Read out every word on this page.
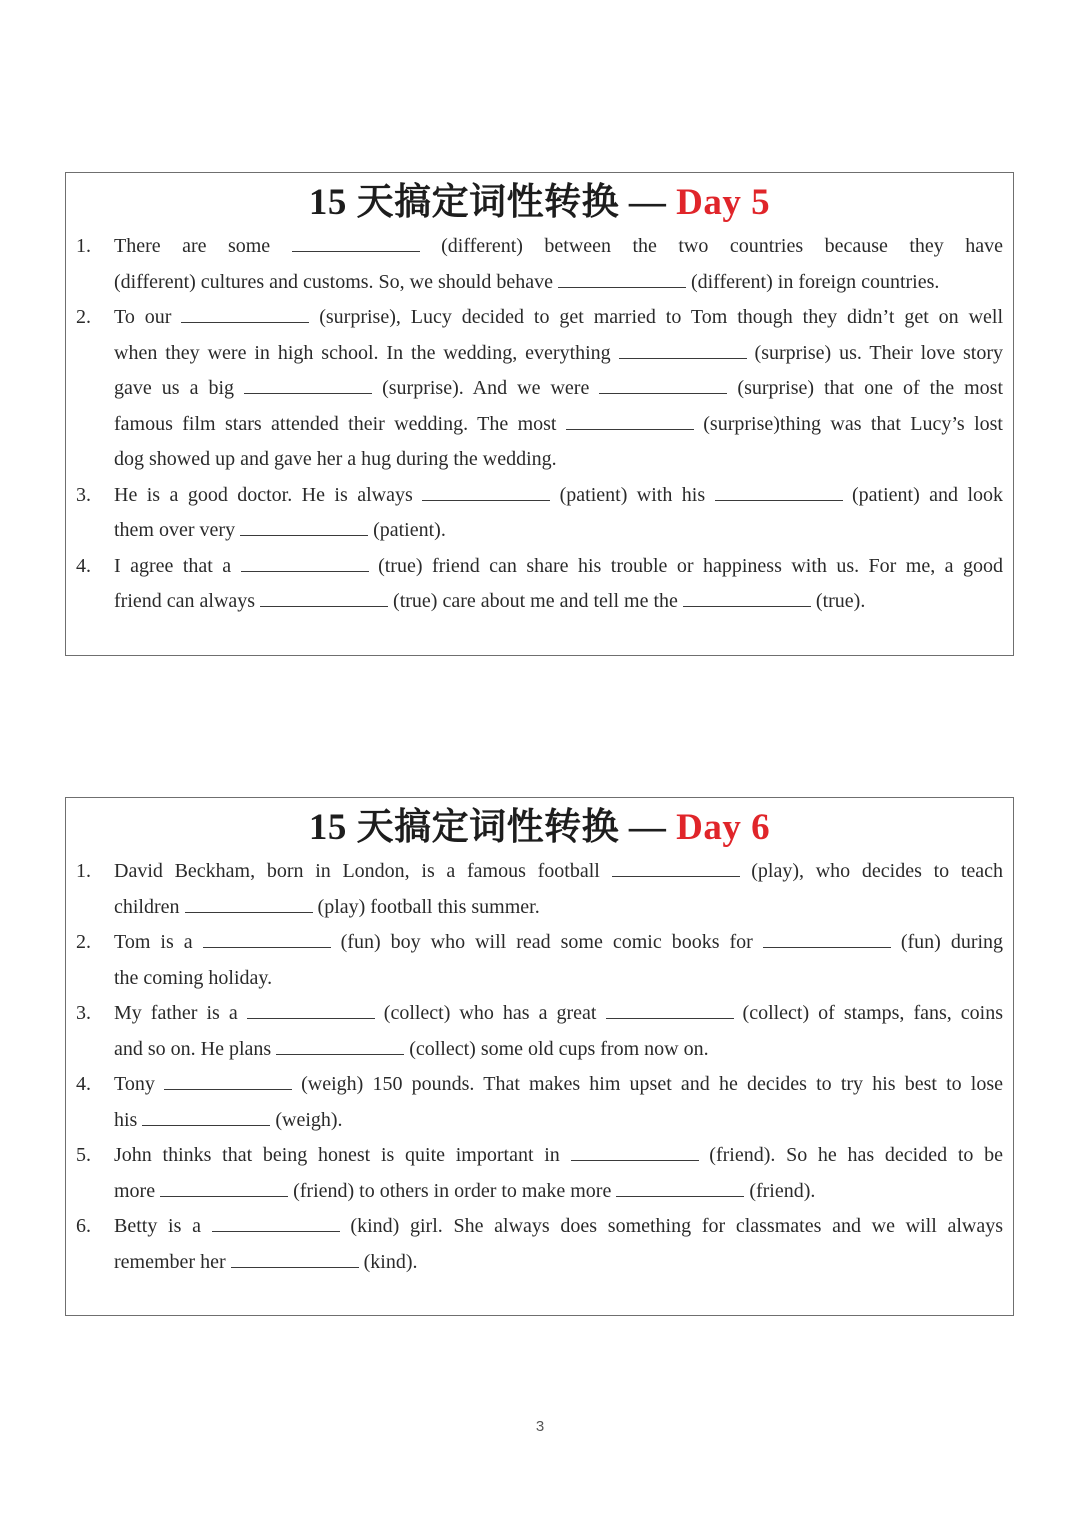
15 天搞定词性转换 — Day 5
1. There are some	(different) between the two countries because they have
(different) cultures and customs. So, we should behave	(different) in foreign countries.
2. To our	(surprise), Lucy decided to get married to Tom though they didn’t get on well
when they were in high school. In the wedding, everything	(surprise) us. Their love story
gave us a big	(surprise). And we were	(surprise) that one of the most
famous film stars attended their wedding. The most	(surprise)thing was that Lucy’s lost
dog showed up and gave her a hug during the wedding.
3. He is a good doctor. He is always	(patient) with his	(patient) and look
them over very	(patient).
4. I agree that a	(true) friend can share his trouble or happiness with us. For me, a good
friend can always	(true) care about me and tell me the	(true).
15 天搞定词性转换 — Day 6
1. David Beckham, born in London, is a famous football	(play), who decides to teach
children	(play) football this summer.
2. Tom is a	(fun) boy who will read some comic books for	(fun) during
the coming holiday.
3. My father is a	(collect) who has a great	(collect) of stamps, fans, coins
and so on. He plans	(collect) some old cups from now on.
4. Tony	(weigh) 150 pounds. That makes him upset and he decides to try his best to lose
his	(weigh).
5. John thinks that being honest is quite important in	(friend). So he has decided to be
more	(friend) to others in order to make more	(friend).
6. Betty is a	(kind) girl. She always does something for classmates and we will always
remember her	(kind).
3
